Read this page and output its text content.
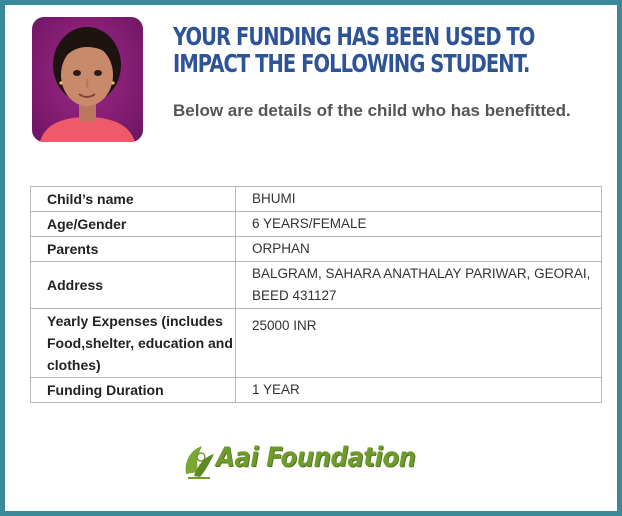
YOUR FUNDING HAS BEEN USED TO IMPACT THE FOLLOWING STUDENT.
Below are details of the child who has benefitted.
Child’s name	BHUMI
Age/Gender	6 YEARS/FEMALE
Parents	ORPHAN
Address	BALGRAM, SAHARA ANATHALAY PARIWAR, GEORAI, BEED 431127
Yearly Expenses (includes Food,shelter, education and clothes)	25000 INR
Funding Duration	1 YEAR
Aai Foundation
